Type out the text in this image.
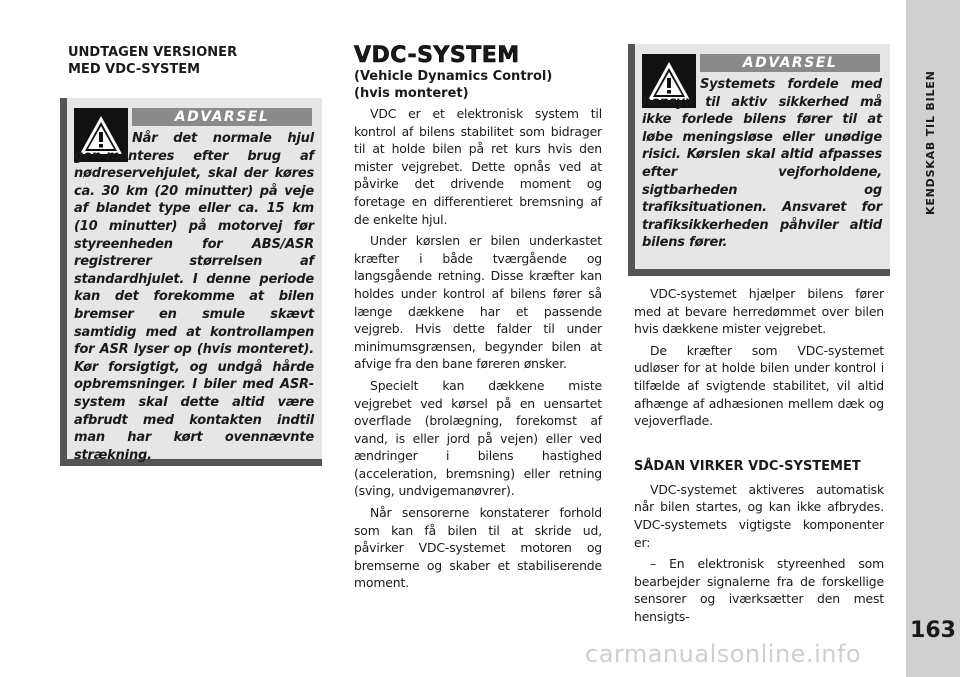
UNDTAGEN VERSIONER

MED VDC-SYSTEM

ADVARSEL

Når det normale hjul gen-monteres efter brug af nødreservehjulet, skal der køres ca. 30 km (20 minutter) på veje af blandet type eller ca. 15 km (10 minutter) på motorvej før styreenheden for ABS/ASR registrerer størrelsen af standardhjulet. I denne periode kan det forekomme at bilen bremser en smule skævt samtidig med at kontrollampen for ASR lyser op (hvis monteret). Kør forsigtigt, og undgå hårde opbremsninger. I biler med ASR-system skal dette altid være afbrudt med kontakten indtil man har kørt ovennævnte strækning.

VDC-SYSTEM

(Vehicle Dynamics Control)

(hvis monteret)

VDC er et elektronisk system til kontrol af bilens stabilitet som bidrager til at holde bilen på ret kurs hvis den mister vejgrebet. Dette opnås ved at påvirke det drivende moment og foretage en differentieret bremsning af de enkelte hjul.

Under kørslen er bilen underkastet kræfter i både tværgående og langsgående retning. Disse kræfter kan holdes under kontrol af bilens fører så længe dækkene har et passende vejgreb. Hvis dette falder til under minimumsgrænsen, begynder bilen at afvige fra den bane føreren ønsker.

Specielt kan dækkene miste vejgrebet ved kørsel på en uensartet overflade (brolægning, forekomst af vand, is eller jord på vejen) eller ved ændringer i bilens hastighed (acceleration, bremsning) eller retning (sving, undvigemanøvrer).

Når sensorerne konstaterer forhold som kan få bilen til at skride ud, påvirker VDC-systemet motoren og bremserne og skaber et stabiliserende moment.

ADVARSEL

Systemets fordele med hensyn til aktiv sikkerhed må ikke forlede bilens fører til at løbe meningsløse eller unødige risici. Kørslen skal altid afpasses efter vejforholdene, sigtbarheden og trafiksituationen. Ansvaret for trafiksikkerheden påhviler altid bilens fører.

VDC-systemet hjælper bilens fører med at bevare herredømmet over bilen hvis dækkene mister vejgrebet.

De kræfter som VDC-systemet udløser for at holde bilen under kontrol i tilfælde af svigtende stabilitet, vil altid afhænge af adhæsionen mellem dæk og vejoverflade.

SÅDAN VIRKER VDC-SYSTEMET

VDC-systemet aktiveres automatisk når bilen startes, og kan ikke afbrydes. VDC-systemets vigtigste komponenter er:

– En elektronisk styreenhed som bearbejder signalerne fra de forskellige sensorer og iværksætter den mest hensigts-

KENDSKAB TIL BILEN
163
carmanualsonline.info
